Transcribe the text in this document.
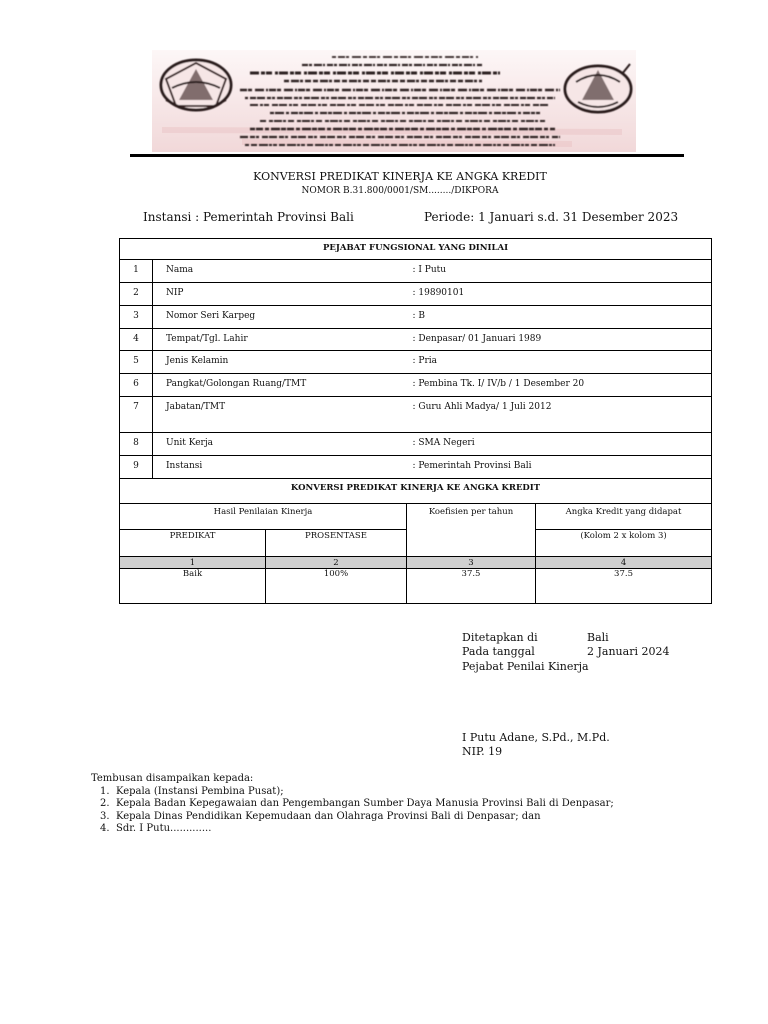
KONVERSI PREDIKAT KINERJA KE ANGKA KREDIT
NOMOR B.31.800/0001/SM......../DIKPORA
Instansi : Pemerintah Provinsi Bali	Periode: 1 Januari s.d. 31 Desember 2023
PEJABAT FUNGSIONAL YANG DINILAI					
1	Nama			: I Putu	
2	NIP			: 19890101	
3	Nomor Seri Karpeg			: B	
4	Tempat/Tgl. Lahir			: Denpasar/ 01 Januari 1989	
5	Jenis Kelamin			: Pria	
6	Pangkat/Golongan Ruang/TMT			: Pembina Tk. I/ IV/b / 1 Desember 20	
7	Jabatan/TMT			: Guru Ahli Madya/ 1 Juli 2012	
8	Unit Kerja			: SMA Negeri	
9	Instansi			: Pemerintah Provinsi Bali	
KONVERSI PREDIKAT KINERJA KE ANGKA KREDIT					
Hasil Penilaian Kinerja			Koefisien per tahun		Angka Kredit yang didapat
PREDIKAT		PROSENTASE			(Kolom 2 x kolom 3)
1		2	3		4
Baik		100%	37.5		37.5
Ditetapkan di	Bali
Pada tanggal	2 Januari 2024
Pejabat Penilai Kinerja
I Putu Adane, S.Pd., M.Pd.
NIP. 19
Tembusan disampaikan kepada:
1. Kepala (Instansi Pembina Pusat);
2. Kepala Badan Kepegawaian dan Pengembangan Sumber Daya Manusia Provinsi Bali di Denpasar;
3. Kepala Dinas Pendidikan Kepemudaan dan Olahraga Provinsi Bali di Denpasar; dan
4. Sdr. I Putu.............
